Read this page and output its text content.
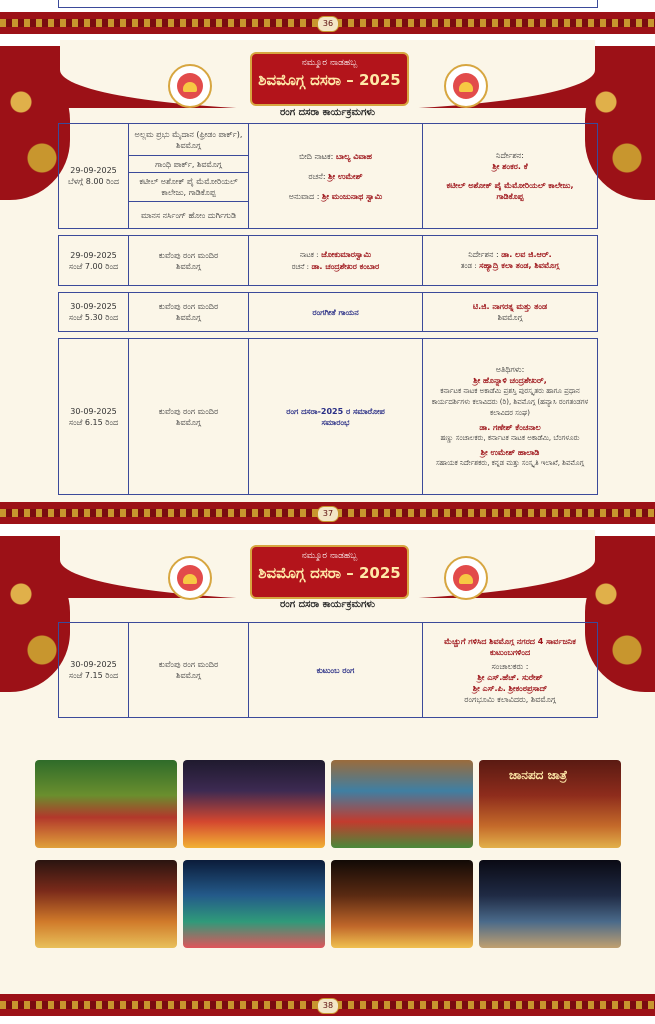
36
ನಮ್ಮೂರ ನಾಡಹಬ್ಬ
ಶಿವಮೊಗ್ಗ ದಸರಾ – 2025
ರಂಗ ದಸರಾ ಕಾರ್ಯಕ್ರಮಗಳು
29-09-2025
ಬೆಳಗ್ಗೆ 8.00 ರಿಂದ
ಅಲ್ಲಮ ಪ್ರಭು ಮೈದಾನ (ಫ್ರೀಡಂ ಪಾರ್ಕ್), ಶಿವಮೊಗ್ಗ
ಗಾಂಧಿ ಪಾರ್ಕ್, ಶಿವಮೊಗ್ಗ
ಕಟೀಲ್ ಅಶೋಕ್ ಪೈ ಮೆಮೋರಿಯಲ್ ಕಾಲೇಜು, ಗಾಡಿಕೊಪ್ಪ
ಮಾನಸ ನರ್ಸಿಂಗ್ ಹೋಂ ದುರ್ಗಿಗುಡಿ
ಬೀದಿ ನಾಟಕ: ಬಾಲ್ಯ ವಿವಾಹ
ರಚನೆ: ಶ್ರೀ ಉಮೇಶ್
ಅನುವಾದ : ಶ್ರೀ ಮಂಜುನಾಥ ಸ್ವಾಮಿ
ನಿರ್ದೇಶನ:
ಶ್ರೀ ಶಂಕರ. ಕೆ
ಕಟೀಲ್ ಅಶೋಕ್ ಪೈ ಮೆಮೋರಿಯಲ್ ಕಾಲೇಜು, ಗಾಡಿಕೊಪ್ಪ
29-09-2025
ಸಂಜೆ 7.00 ರಿಂದ
ಕುವೆಂಪು ರಂಗ ಮಂದಿರ ಶಿವಮೊಗ್ಗ
ನಾಟಕ : ಜೋಕುಮಾರಸ್ವಾಮಿ
ರಚನೆ : ಡಾ. ಚಂದ್ರಶೇಖರ ಕಂಬಾರ
ನಿರ್ದೇಶನ : ಡಾ. ಲವ ಜಿ.ಆರ್.
ತಂಡ : ಸಹ್ಯಾದ್ರಿ ಕಲಾ ತಂಡ, ಶಿವಮೊಗ್ಗ
30-09-2025
ಸಂಜೆ 5.30 ರಿಂದ
ಕುವೆಂಪು ರಂಗ ಮಂದಿರ ಶಿವಮೊಗ್ಗ
ರಂಗಗೀತೆ ಗಾಯನ
ಟಿ.ಜಿ. ನಾಗರತ್ನ ಮತ್ತು ತಂಡ
ಶಿವಮೊಗ್ಗ
30-09-2025
ಸಂಜೆ 6.15 ರಿಂದ
ಕುವೆಂಪು ರಂಗ ಮಂದಿರ ಶಿವಮೊಗ್ಗ
ರಂಗ ದಸರಾ-2025 ರ ಸಮಾರೋಪ ಸಮಾರಂಭ
ಅತಿಥಿಗಳು:
ಶ್ರೀ ಹೊನ್ನಾಳಿ ಚಂದ್ರಶೇಖರ್,
ಕರ್ನಾಟಕ ನಾಟಕ ಅಕಾಡೆಮಿ ಪ್ರಶಸ್ತಿ ಪುರಸ್ಕೃತರು ಹಾಗೂ ಪ್ರಧಾನ ಕಾರ್ಯದರ್ಶಿಗಳು ಕಲಾವಿದರು (ರಿ), ಶಿವಮೊಗ್ಗ (ಹವ್ಯಾಸಿ ರಂಗತಂಡಗಳ ಕಲಾವಿದರ ಸಂಘ)
ಡಾ. ಗಣೇಶ್ ಕೆಂಚನಾಲ
ಹಣ್ಣು ಸಂಚಾಲಕರು, ಕರ್ನಾಟಕ ನಾಟಕ ಅಕಾಡೆಮಿ, ಬೆಂಗಳೂರು
ಶ್ರೀ ಉಮೇಶ್ ಹಾಲಾಡಿ
ಸಹಾಯಕ ನಿರ್ದೇಶಕರು, ಕನ್ನಡ ಮತ್ತು ಸಂಸ್ಕೃತಿ ಇಲಾಖೆ, ಶಿವಮೊಗ್ಗ
37
ನಮ್ಮೂರ ನಾಡಹಬ್ಬ
ಶಿವಮೊಗ್ಗ ದಸರಾ – 2025
ರಂಗ ದಸರಾ ಕಾರ್ಯಕ್ರಮಗಳು
30-09-2025
ಸಂಜೆ 7.15 ರಿಂದ
ಕುವೆಂಪು ರಂಗ ಮಂದಿರ ಶಿವಮೊಗ್ಗ
ಕುಟುಂಬ ರಂಗ
ಮೆಚ್ಚುಗೆ ಗಳಿಸಿದ ಶಿವಮೊಗ್ಗ ನಗರದ 4 ಸಾರ್ವಜನಿಕ ಕುಟುಂಬಗಳಿಂದ
ಸಂಚಾಲಕರು :
ಶ್ರೀ ಎಸ್.ಹೆಚ್. ಸುರೇಶ್
ಶ್ರೀ ಎಸ್.ಪಿ. ಶ್ರೀಕಂಠಪ್ರಸಾದ್
ರಂಗಭೂಮಿ ಕಲಾವಿದರು, ಶಿವಮೊಗ್ಗ
ಜಾನಪದ ಜಾತ್ರೆ
38
